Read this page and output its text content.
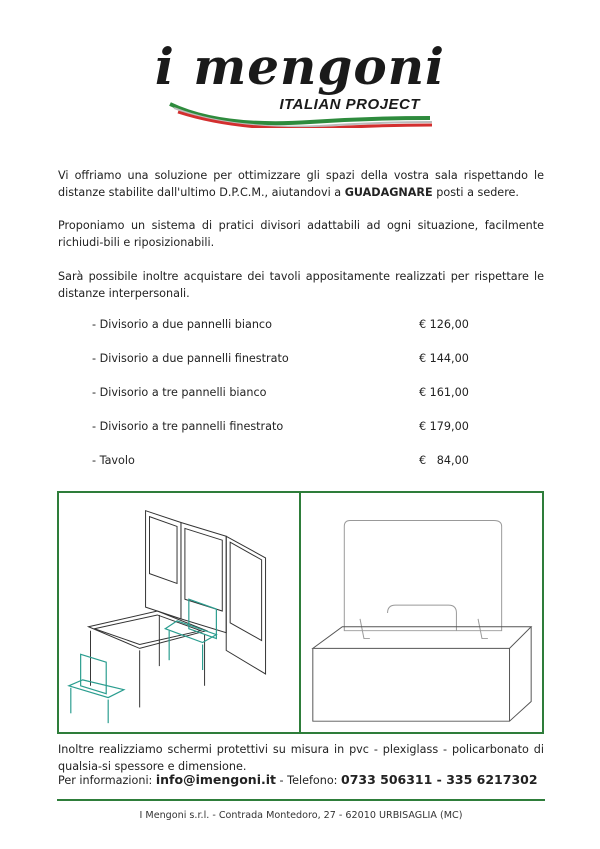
i mengoni
ITALIAN PROJECT
Vi offriamo una soluzione per ottimizzare gli spazi della vostra sala rispettando le distanze stabilite dall'ultimo D.P.C.M., aiutandovi a GUADAGNARE posti a sedere.
Proponiamo un sistema di pratici divisori adattabili ad ogni situazione, facilmente richiudi-bili e riposizionabili.
Sarà possibile inoltre acquistare dei tavoli appositamente realizzati per rispettare le distanze interpersonali.
- Divisorio a due pannelli bianco	€ 126,00
- Divisorio a due pannelli finestrato	€ 144,00
- Divisorio a tre pannelli bianco	€ 161,00
- Divisorio a tre pannelli finestrato	€ 179,00
- Tavolo	€   84,00
Inoltre realizziamo schermi protettivi su misura in pvc - plexiglass - policarbonato di qualsia-si spessore e dimensione.
Per informazioni: info@imengoni.it - Telefono: 0733 506311 - 335 6217302
I Mengoni s.r.l. - Contrada Montedoro, 27 - 62010 URBISAGLIA (MC)
